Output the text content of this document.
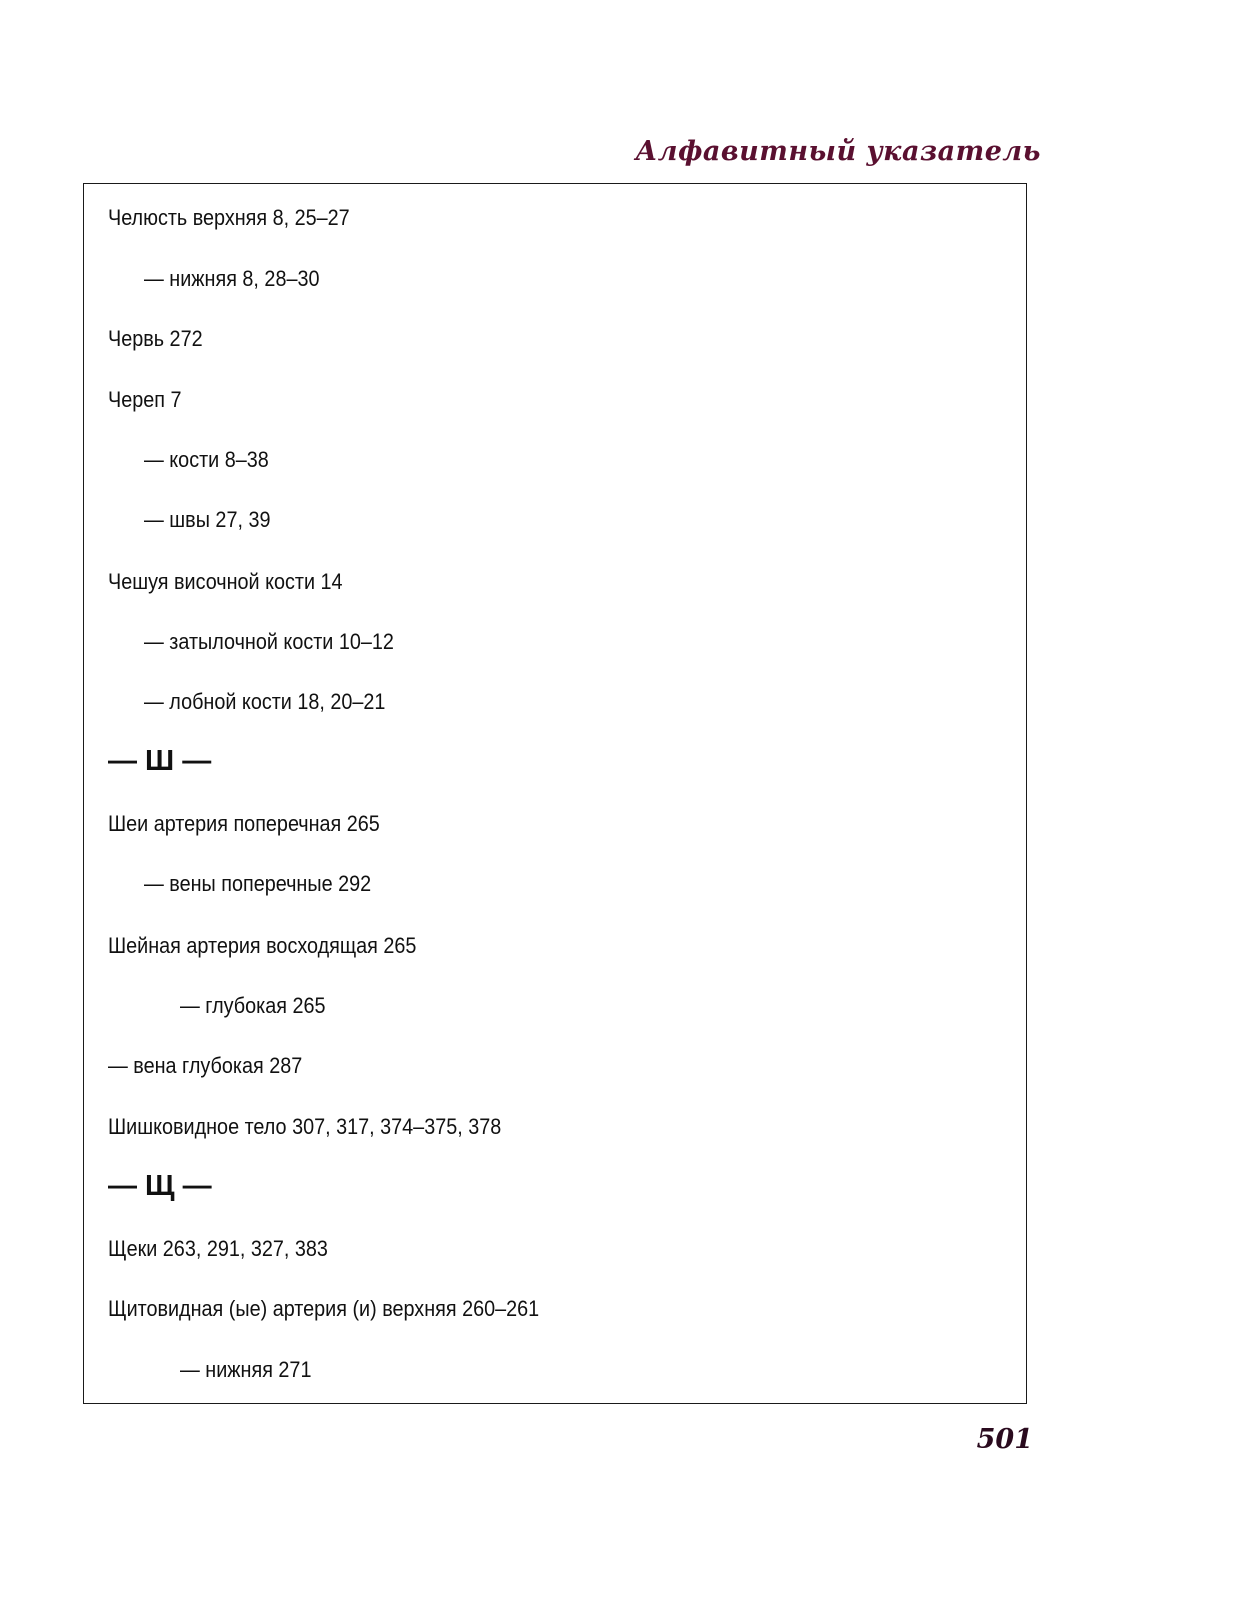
Алфавитный указатель
Челюсть верхняя 8, 25–27
— нижняя 8, 28–30
Червь 272
Череп 7
— кости 8–38
— швы 27, 39
Чешуя височной кости 14
— затылочной кости 10–12
— лобной кости 18, 20–21
— Ш —
Шеи артерия поперечная 265
— вены поперечные 292
Шейная артерия восходящая 265
— глубокая 265
— вена глубокая 287
Шишковидное тело 307, 317, 374–375, 378
— Щ —
Щеки 263, 291, 327, 383
Щитовидная (ые) артерия (и) верхняя 260–261
— нижняя 271
501
